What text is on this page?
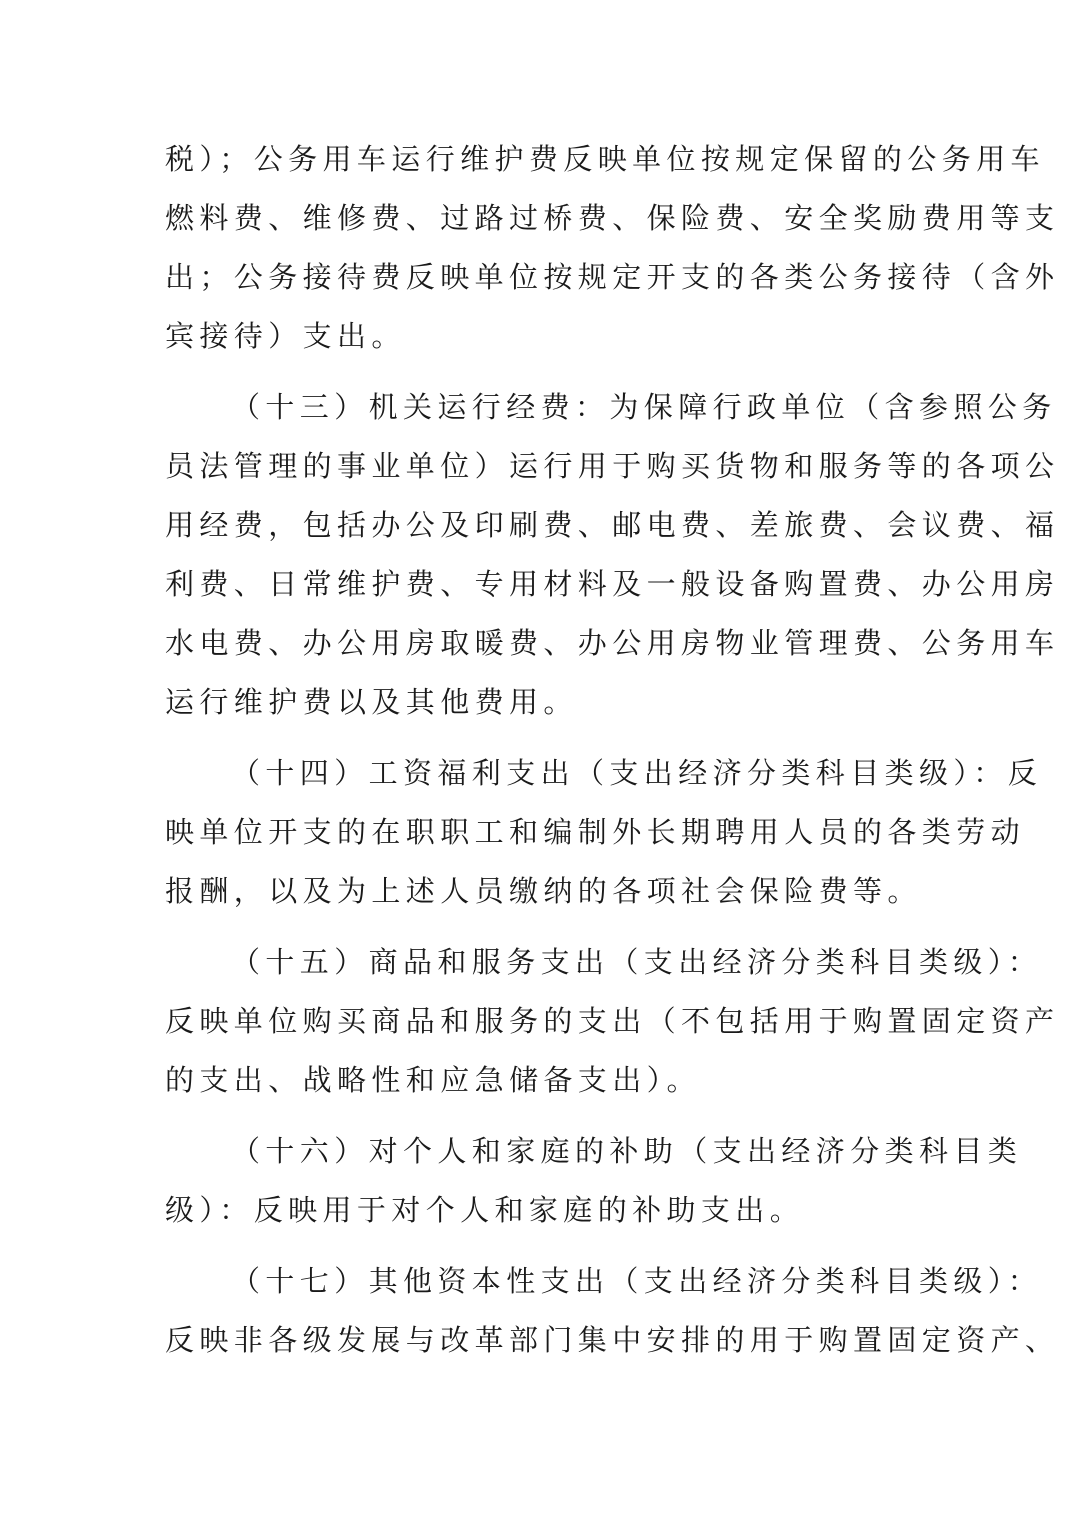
税）；公务用车运行维护费反映单位按规定保留的公务用车
燃料费、维修费、过路过桥费、保险费、安全奖励费用等支
出；公务接待费反映单位按规定开支的各类公务接待（含外
宾接待）支出。

（十三）机关运行经费：为保障行政单位（含参照公务
员法管理的事业单位）运行用于购买货物和服务等的各项公
用经费，包括办公及印刷费、邮电费、差旅费、会议费、福
利费、日常维护费、专用材料及一般设备购置费、办公用房
水电费、办公用房取暖费、办公用房物业管理费、公务用车
运行维护费以及其他费用。

（十四）工资福利支出（支出经济分类科目类级）：反
映单位开支的在职职工和编制外长期聘用人员的各类劳动
报酬，以及为上述人员缴纳的各项社会保险费等。

（十五）商品和服务支出（支出经济分类科目类级）：
反映单位购买商品和服务的支出（不包括用于购置固定资产
的支出、战略性和应急储备支出）。

（十六）对个人和家庭的补助（支出经济分类科目类
级）：反映用于对个人和家庭的补助支出。

（十七）其他资本性支出（支出经济分类科目类级）：
反映非各级发展与改革部门集中安排的用于购置固定资产、
